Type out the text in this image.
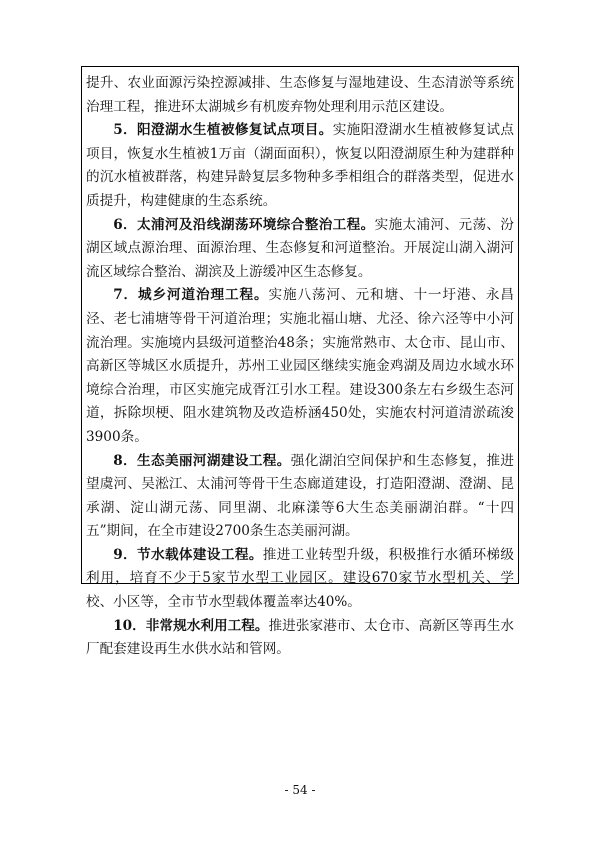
提升、农业面源污染控源减排、生态修复与湿地建设、生态清淤等系统治理工程，推进环太湖城乡有机废弃物处理利用示范区建设。

5．阳澄湖水生植被修复试点项目。实施阳澄湖水生植被修复试点项目，恢复水生植被1万亩（湖面面积），恢复以阳澄湖原生种为建群种的沉水植被群落，构建异龄复层多物种多季相组合的群落类型，促进水质提升，构建健康的生态系统。

6．太浦河及沿线湖荡环境综合整治工程。实施太浦河、元荡、汾湖区域点源治理、面源治理、生态修复和河道整治。开展淀山湖入湖河流区域综合整治、湖滨及上游缓冲区生态修复。

7．城乡河道治理工程。实施八荡河、元和塘、十一圩港、永昌泾、老七浦塘等骨干河道治理；实施北福山塘、尤泾、徐六泾等中小河流治理。实施境内县级河道整治48条；实施常熟市、太仓市、昆山市、高新区等城区水质提升，苏州工业园区继续实施金鸡湖及周边水域水环境综合治理，市区实施完成胥江引水工程。建设300条左右乡级生态河道，拆除坝梗、阻水建筑物及改造桥涵450处，实施农村河道清淤疏浚3900条。

8．生态美丽河湖建设工程。强化湖泊空间保护和生态修复，推进望虞河、吴淞江、太浦河等骨干生态廊道建设，打造阳澄湖、澄湖、昆承湖、淀山湖元荡、同里湖、北麻漾等6大生态美丽湖泊群。“十四五”期间，在全市建设2700条生态美丽河湖。

9．节水载体建设工程。推进工业转型升级，积极推行水循环梯级利用，培育不少于5家节水型工业园区。建设670家节水型机关、学校、小区等，全市节水型载体覆盖率达40%。

10．非常规水利用工程。推进张家港市、太仓市、高新区等再生水厂配套建设再生水供水站和管网。

- 54 -
